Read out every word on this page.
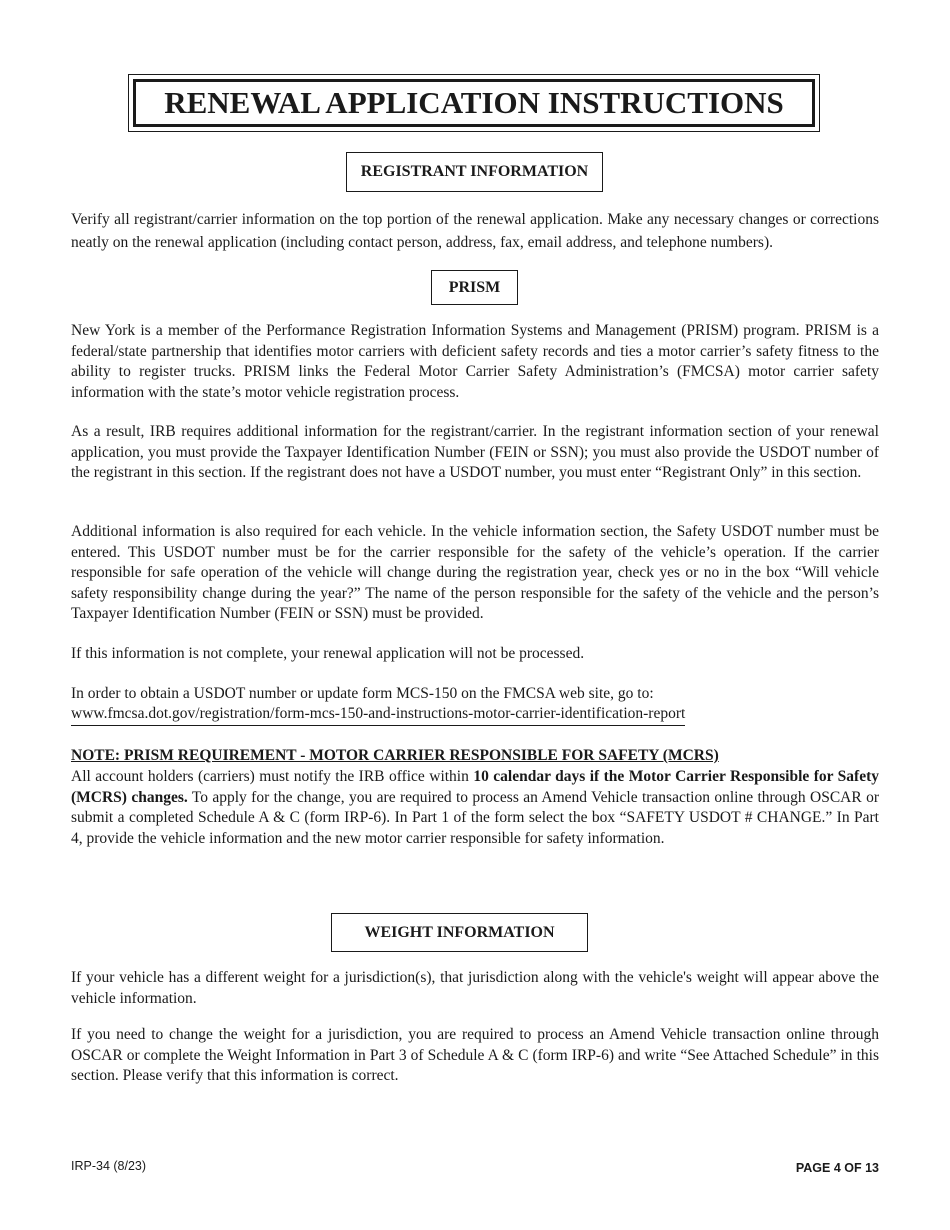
RENEWAL APPLICATION INSTRUCTIONS
REGISTRANT INFORMATION

Verify all registrant/carrier information on the top portion of the renewal application. Make any necessary changes or corrections neatly on the renewal application (including contact person, address, fax, email address, and telephone numbers).

PRISM

New York is a member of the Performance Registration Information Systems and Management (PRISM) program. PRISM is a federal/state partnership that identifies motor carriers with deficient safety records and ties a motor carrier’s safety fitness to the ability to register trucks. PRISM links the Federal Motor Carrier Safety Administration’s (FMCSA) motor carrier safety information with the state’s motor vehicle registration process.

As a result, IRB requires additional information for the registrant/carrier. In the registrant information section of your renewal application, you must provide the Taxpayer Identification Number (FEIN or SSN); you must also provide the USDOT number of the registrant in this section. If the registrant does not have a USDOT number, you must enter “Registrant Only” in this section.

Additional information is also required for each vehicle. In the vehicle information section, the Safety USDOT number must be entered. This USDOT number must be for the carrier responsible for the safety of the vehicle’s operation. If the carrier responsible for safe operation of the vehicle will change during the registration year, check yes or no in the box “Will vehicle safety responsibility change during the year?” The name of the person responsible for the safety of the vehicle and the person’s Taxpayer Identification Number (FEIN or SSN) must be provided.

If this information is not complete, your renewal application will not be processed.

In order to obtain a USDOT number or update form MCS-150 on the FMCSA web site, go to:

www.fmcsa.dot.gov/registration/form-mcs-150-and-instructions-motor-carrier-identification-report
NOTE: PRISM REQUIREMENT - MOTOR CARRIER RESPONSIBLE FOR SAFETY (MCRS)

All account holders (carriers) must notify the IRB office within 10 calendar days if the Motor Carrier Responsible for Safety (MCRS) changes. To apply for the change, you are required to process an Amend Vehicle transaction online through OSCAR or submit a completed Schedule A & C (form IRP-6). In Part 1 of the form select the box “SAFETY USDOT # CHANGE.” In Part 4, provide the vehicle information and the new motor carrier responsible for safety information.

WEIGHT INFORMATION

If your vehicle has a different weight for a jurisdiction(s), that jurisdiction along with the vehicle's weight will appear above the vehicle information.

If you need to change the weight for a jurisdiction, you are required to process an Amend Vehicle transaction online through OSCAR or complete the Weight Information in Part 3 of Schedule A & C (form IRP-6) and write “See Attached Schedule” in this section. Please verify that this information is correct.

IRP-34 (8/23)	PAGE 4 OF 13
